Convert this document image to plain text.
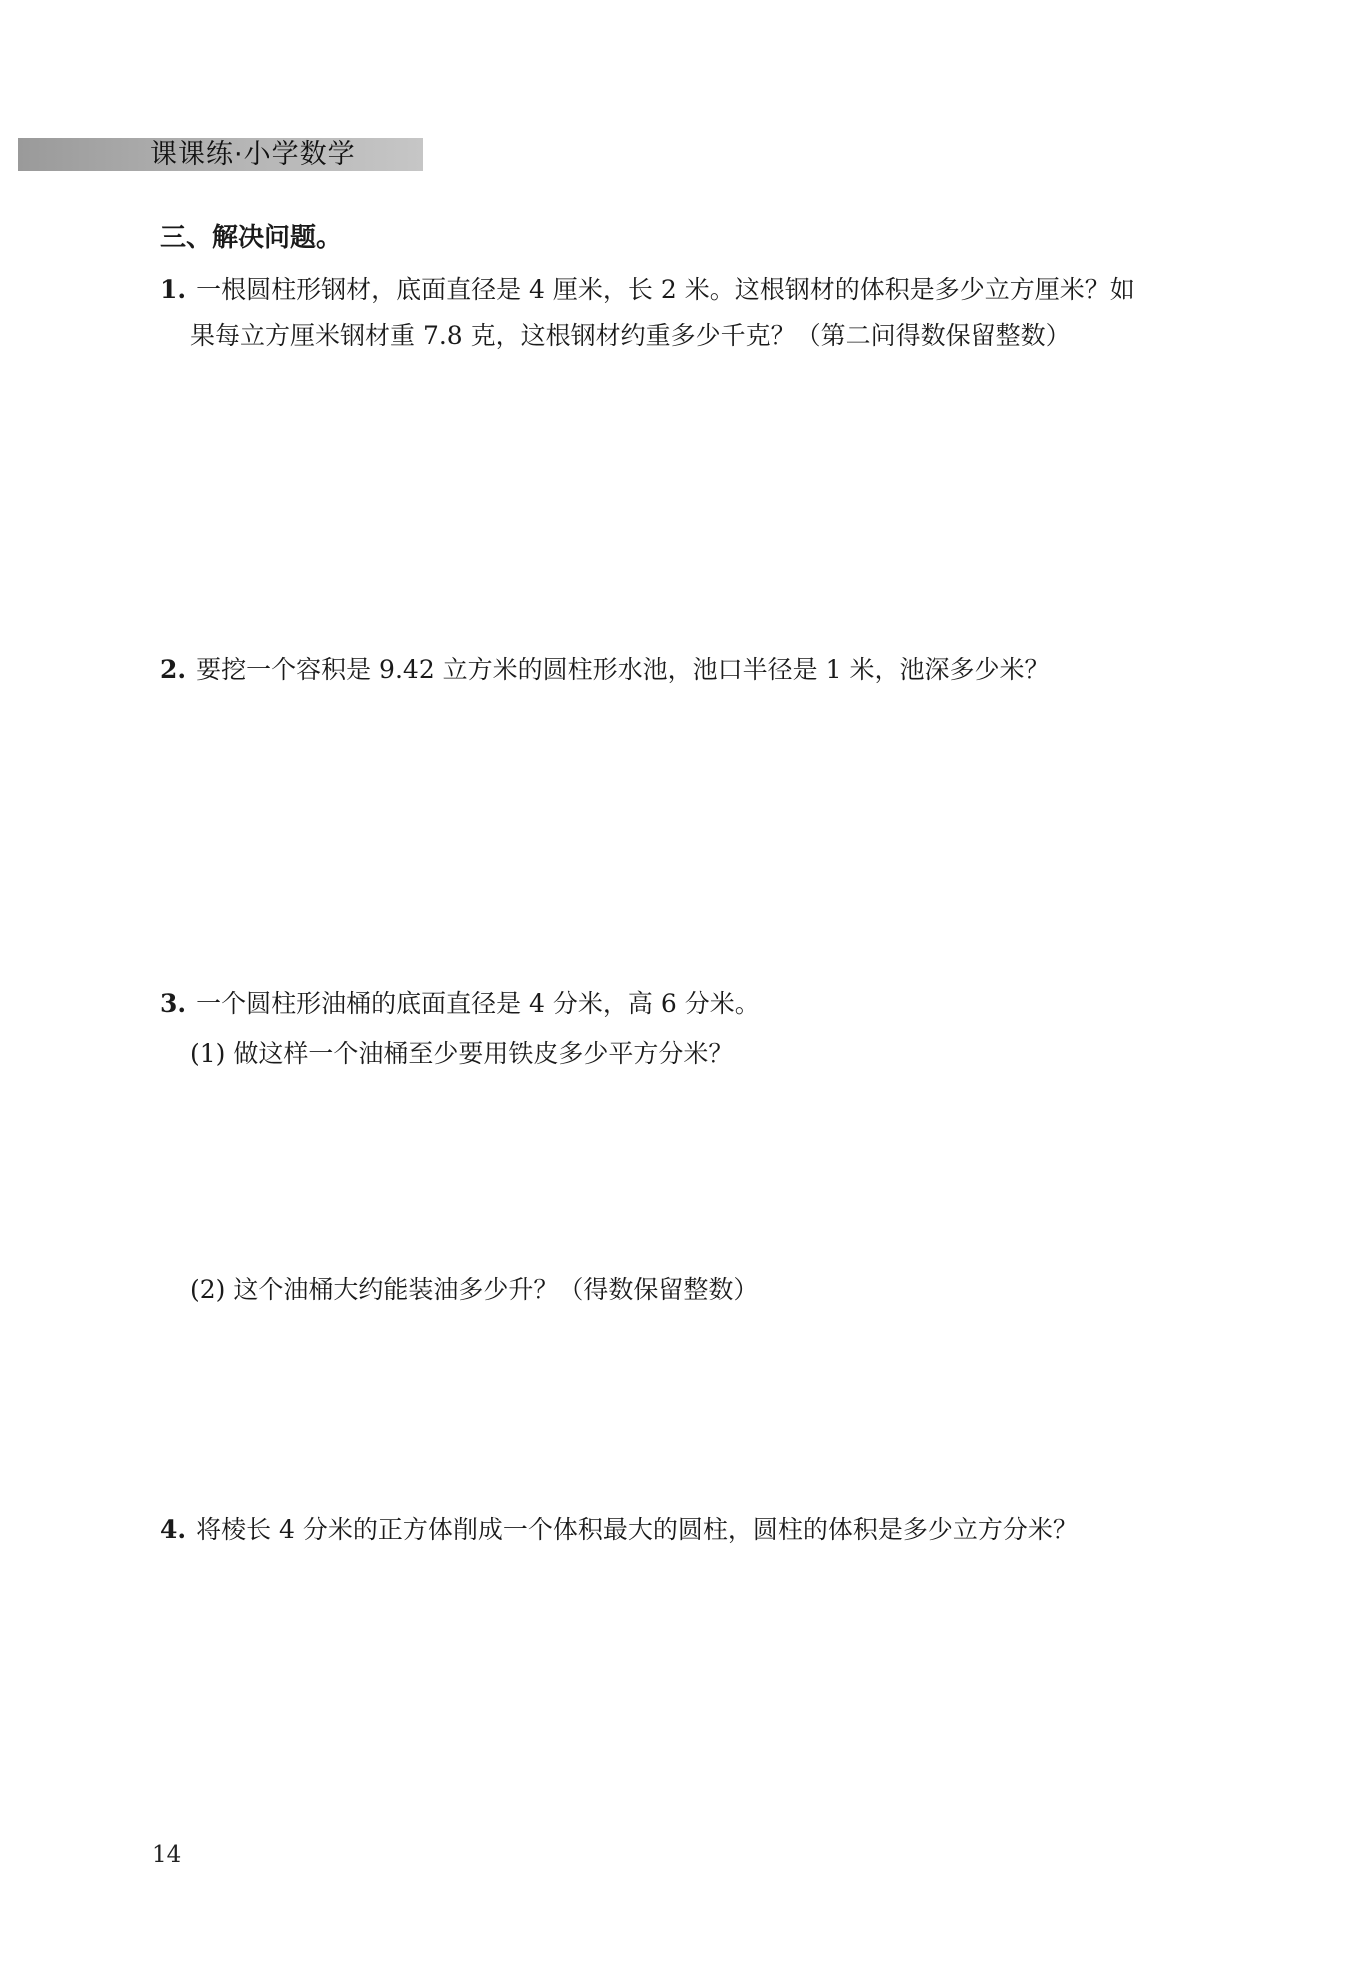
课课练·小学数学
三、解决问题。
1. 一根圆柱形钢材，底面直径是 4 厘米，长 2 米。这根钢材的体积是多少立方厘米？如
果每立方厘米钢材重 7.8 克，这根钢材约重多少千克？（第二问得数保留整数）
2. 要挖一个容积是 9.42 立方米的圆柱形水池，池口半径是 1 米，池深多少米？
3. 一个圆柱形油桶的底面直径是 4 分米，高 6 分米。
(1) 做这样一个油桶至少要用铁皮多少平方分米？
(2) 这个油桶大约能装油多少升？（得数保留整数）
4. 将棱长 4 分米的正方体削成一个体积最大的圆柱，圆柱的体积是多少立方分米？
14
